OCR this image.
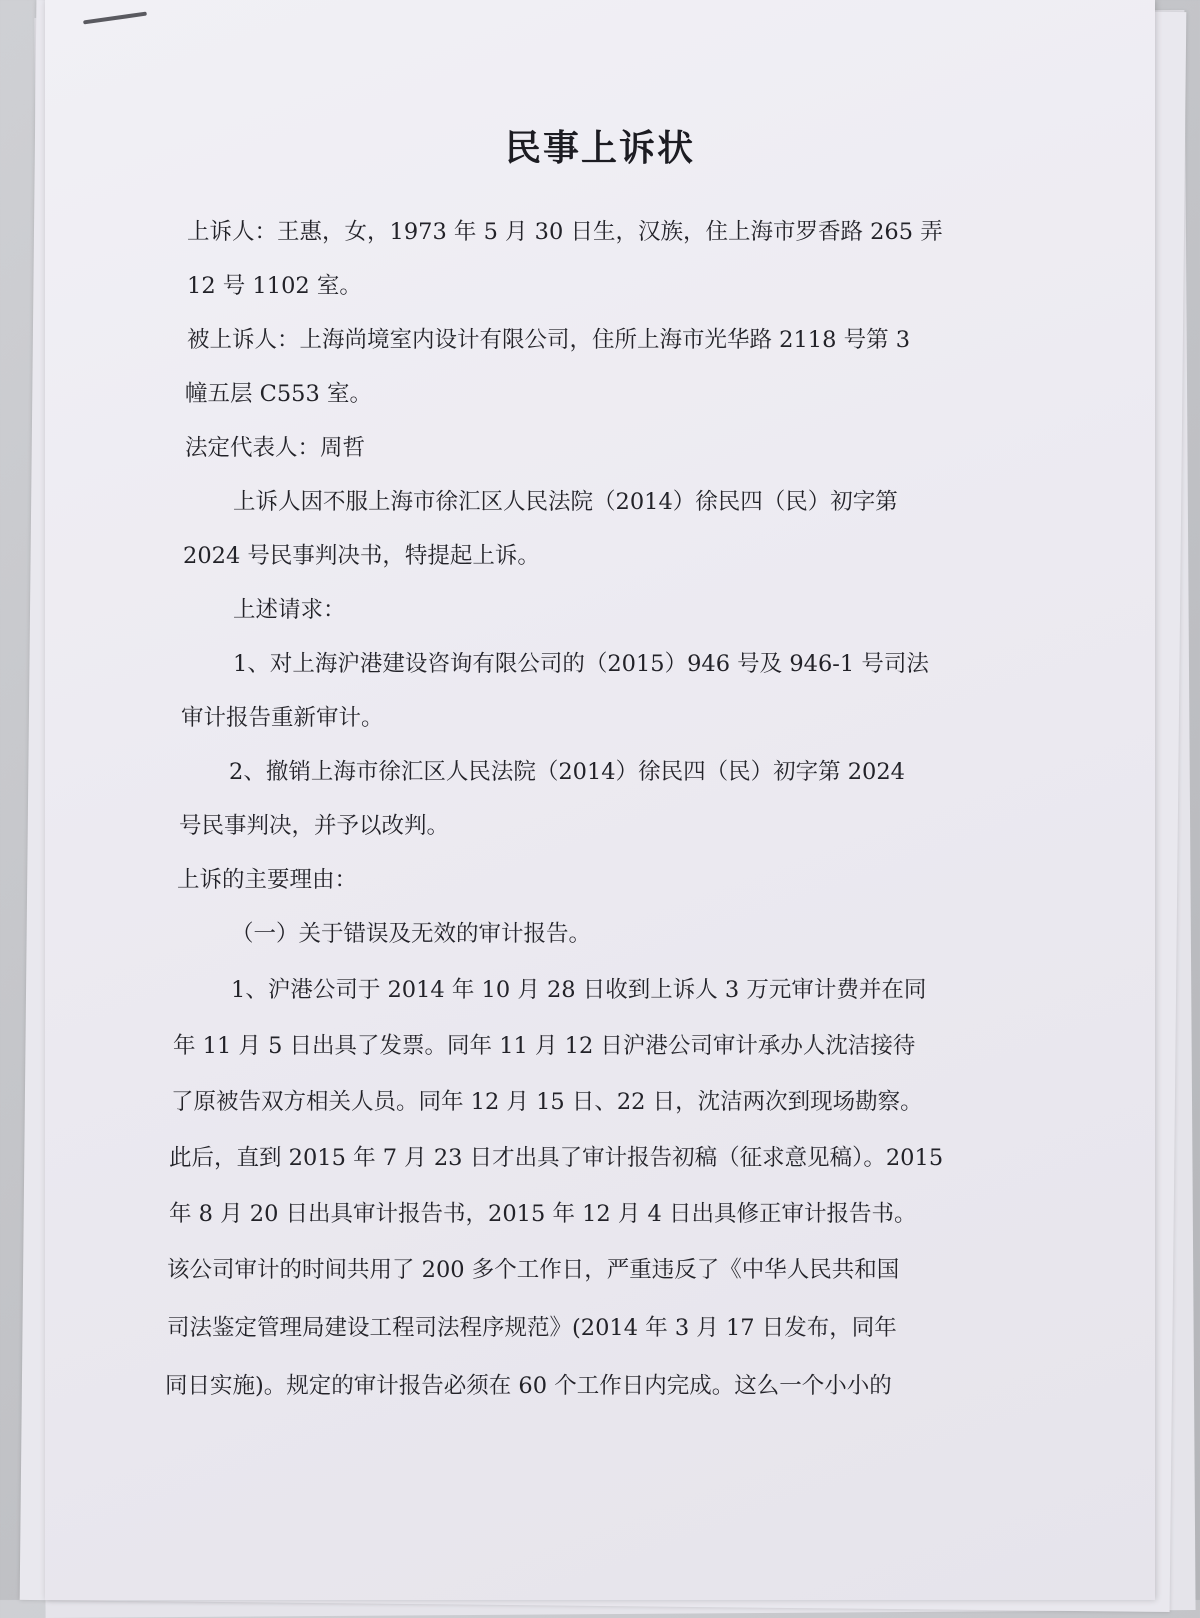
民事上诉状

上诉人：王惠，女，1973 年 5 月 30 日生，汉族，住上海市罗香路 265 弄

12 号 1102 室。

被上诉人：上海尚境室内设计有限公司，住所上海市光华路 2118 号第 3

幢五层 C553 室。

法定代表人：周哲

上诉人因不服上海市徐汇区人民法院（2014）徐民四（民）初字第

2024 号民事判决书，特提起上诉。

上述请求：

1、对上海沪港建设咨询有限公司的（2015）946 号及 946-1 号司法

审计报告重新审计。

2、撤销上海市徐汇区人民法院（2014）徐民四（民）初字第 2024

号民事判决，并予以改判。

上诉的主要理由：

（一）关于错误及无效的审计报告。

1、沪港公司于 2014 年 10 月 28 日收到上诉人 3 万元审计费并在同

年 11 月 5 日出具了发票。同年 11 月 12 日沪港公司审计承办人沈洁接待

了原被告双方相关人员。同年 12 月 15 日、22 日，沈洁两次到现场勘察。

此后，直到 2015 年 7 月 23 日才出具了审计报告初稿（征求意见稿）。2015

年 8 月 20 日出具审计报告书，2015 年 12 月 4 日出具修正审计报告书。

该公司审计的时间共用了 200 多个工作日，严重违反了《中华人民共和国

司法鉴定管理局建设工程司法程序规范》(2014 年 3 月 17 日发布，同年

同日实施)。规定的审计报告必须在 60 个工作日内完成。这么一个小小的
